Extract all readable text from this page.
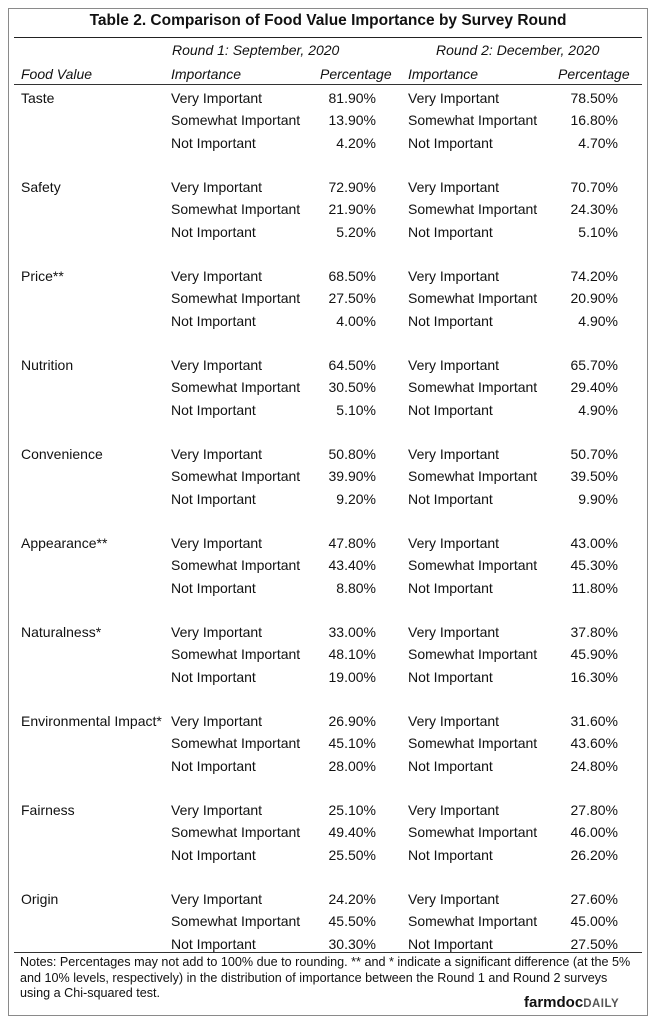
Table 2. Comparison of Food Value Importance by Survey Round
Round 1: September, 2020	Round 2: December, 2020
Food Value	Importance	Percentage Importance	Percentage
Taste	Very Important	81.90% Very Important	78.50%
Somewhat Important	13.90% Somewhat Important	16.80%
Not Important	4.20% Not Important	4.70%
Safety	Very Important	72.90% Very Important	70.70%
Somewhat Important	21.90% Somewhat Important	24.30%
Not Important	5.20% Not Important	5.10%
Price**	Very Important	68.50% Very Important	74.20%
Somewhat Important	27.50% Somewhat Important	20.90%
Not Important	4.00% Not Important	4.90%
Nutrition	Very Important	64.50% Very Important	65.70%
Somewhat Important	30.50% Somewhat Important	29.40%
Not Important	5.10% Not Important	4.90%
Convenience	Very Important	50.80% Very Important	50.70%
Somewhat Important	39.90% Somewhat Important	39.50%
Not Important	9.20% Not Important	9.90%
Appearance**	Very Important	47.80% Very Important	43.00%
Somewhat Important	43.40% Somewhat Important	45.30%
Not Important	8.80% Not Important	11.80%
Naturalness*	Very Important	33.00% Very Important	37.80%
Somewhat Important	48.10% Somewhat Important	45.90%
Not Important	19.00% Not Important	16.30%
Environmental Impact* Very Important	26.90% Very Important	31.60%
Somewhat Important	45.10% Somewhat Important	43.60%
Not Important	28.00% Not Important	24.80%
Fairness	Very Important	25.10% Very Important	27.80%
Somewhat Important	49.40% Somewhat Important	46.00%
Not Important	25.50% Not Important	26.20%
Origin	Very Important	24.20% Very Important	27.60%
Somewhat Important	45.50% Somewhat Important	45.00%
Not Important	30.30% Not Important	27.50%
Notes: Percentages may not add to 100% due to rounding. ** and * indicate a significant difference (at the 5% and 10% levels, respectively) in the distribution of importance between the Round 1 and Round 2 surveys using a Chi-squared test.
farmdocDAILY
